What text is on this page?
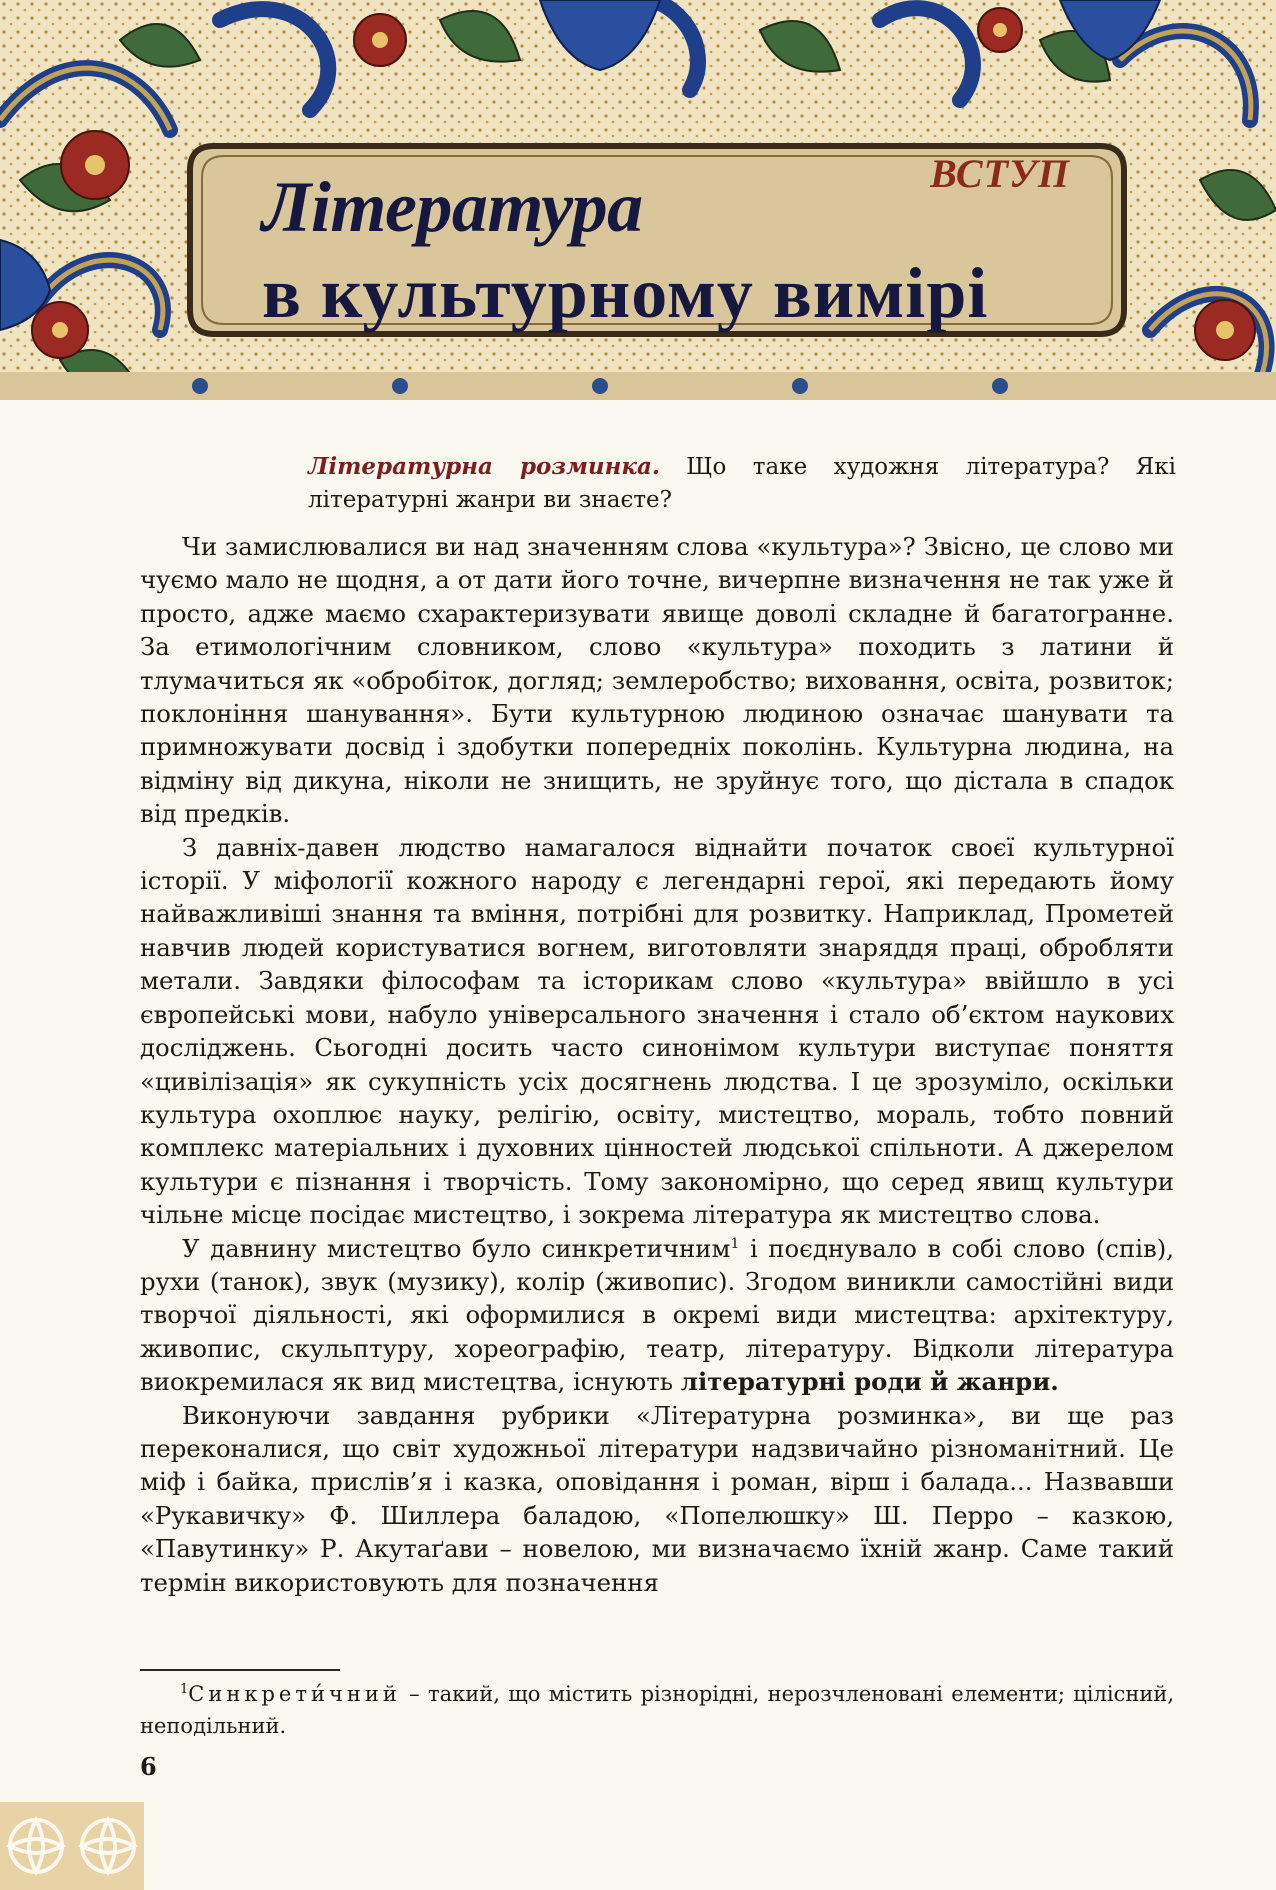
ВСТУП
Література
в культурному вимірі
Літературна розминка. Що таке художня література? Які літературні жанри ви знаєте?

Чи замислювалися ви над значенням слова «культура»? Звісно, це слово ми чуємо мало не щодня, а от дати його точне, вичерпне визначення не так уже й просто, адже маємо схарактеризувати явище доволі складне й багатогранне. За етимологічним словником, слово «культура» походить з латини й тлумачиться як «обробіток, догляд; землеробство; виховання, освіта, розвиток; поклоніння шанування». Бути культурною людиною означає шанувати та примножувати досвід і здобутки попередніх поколінь. Культурна людина, на відміну від дикуна, ніколи не знищить, не зруйнує того, що дістала в спадок від предків.

З давніх-давен людство намагалося віднайти початок своєї культурної історії. У міфології кожного народу є легендарні герої, які передають йому найважливіші знання та вміння, потрібні для розвитку. Наприклад, Прометей навчив людей користуватися вогнем, виготовляти знаряддя праці, обробляти метали. Завдяки філософам та історикам слово «культура» ввійшло в усі європейські мови, набуло універсального значення і стало об’єктом наукових досліджень. Сьогодні досить часто синонімом культури виступає поняття «цивілізація» як сукупність усіх досягнень людства. І це зрозуміло, оскільки культура охоплює науку, релігію, освіту, мистецтво, мораль, тобто повний комплекс матеріальних і духовних цінностей людської спільноти. А джерелом культури є пізнання і творчість. Тому закономірно, що серед явищ культури чільне місце посідає мистецтво, і зокрема література як мистецтво слова.

У давнину мистецтво було синкретичним$^1$ і поєднувало в собі слово (спів), рухи (танок), звук (музику), колір (живопис). Згодом виникли самостійні види творчої діяльності, які оформилися в окремі види мистецтва: архітектуру, живопис, скульптуру, хореографію, театр, літературу. Відколи література виокремилася як вид мистецтва, існують літературні роди й жанри.

Виконуючи завдання рубрики «Літературна розминка», ви ще раз переконалися, що світ художньої літератури надзвичайно різноманітний. Це міф і байка, прислів’я і казка, оповідання і роман, вірш і балада... Назвавши «Рукавичку» Ф. Шиллера баладою, «Попелюшку» Ш. Перро – казкою, «Павутинку» Р. Акутаґави – новелою, ми визначаємо їхній жанр. Саме такий термін використовують для позначення

$^1$Синкрети́чний – такий, що містить різнорідні, нерозчленовані елементи; цілісний, неподільний.
6
